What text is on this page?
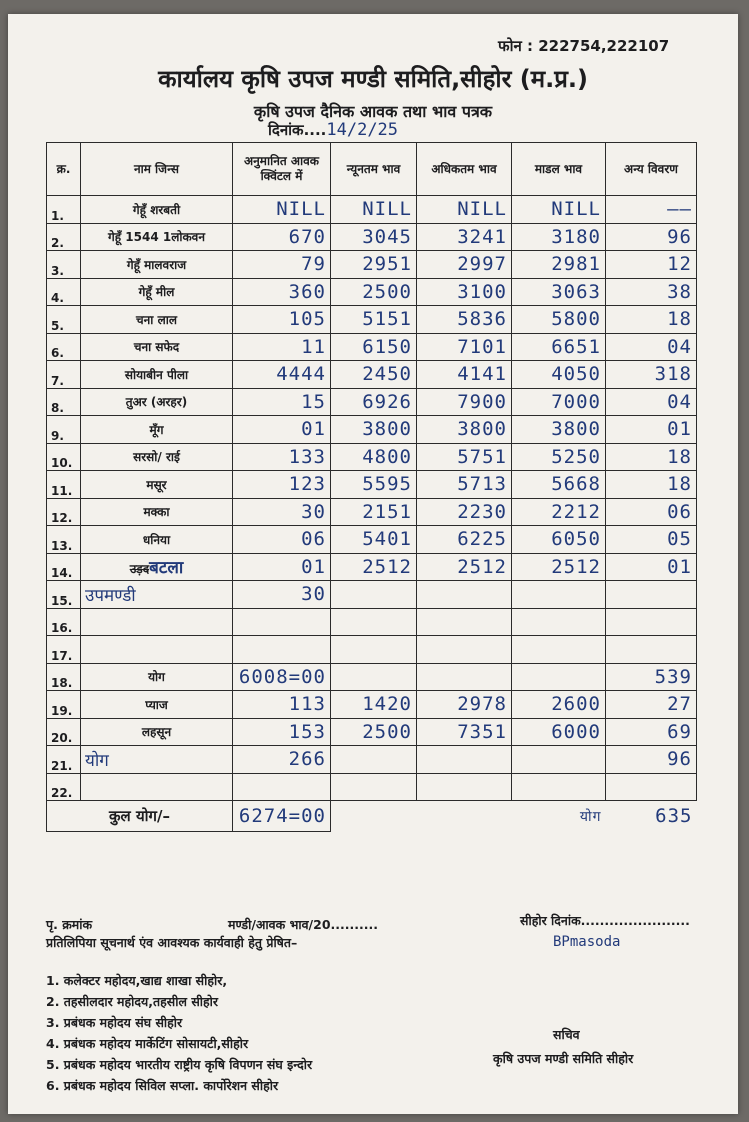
फोन : 222754,222107
कार्यालय कृषि उपज मण्डी समिति,सीहोर (म.प्र.)
कृषि उपज दैनिक आवक तथा भाव पत्रक
दिनांक....14/2/25
क्र.	नाम जिन्स	अनुमानित आवक क्विंटल में	न्यूनतम भाव	अधिकतम भाव	माडल भाव	अन्य विवरण
1.	गेहूँ शरबती	NILL	NILL	NILL	NILL	——
2.	गेहूँ 1544 1लोकवन	670	3045	3241	3180	96
3.	गेहूँ मालवराज	79	2951	2997	2981	12
4.	गेहूँ मील	360	2500	3100	3063	38
5.	चना लाल	105	5151	5836	5800	18
6.	चना सफेद	11	6150	7101	6651	04
7.	सोयाबीन पीला	4444	2450	4141	4050	318
8.	तुअर (अरहर)	15	6926	7900	7000	04
9.	मूँग	01	3800	3800	3800	01
10.	सरसो/ राई	133	4800	5751	5250	18
11.	मसूर	123	5595	5713	5668	18
12.	मक्का	30	2151	2230	2212	06
13.	धनिया	06	5401	6225	6050	05
14.	उड़दबटला	01	2512	2512	2512	01
15.	उपमण्डी	30				
16.						
17.						
18.	योग	6008=00				539
19.	प्याज	113	1420	2978	2600	27
20.	लहसून	153	2500	7351	6000	69
21.	योग	266				96
22.						
कुल योग/–		6274=00			योग	635
पृ. क्रमांक	मण्डी/आवक भाव/20..........	सीहोर दिनांक.......................
प्रतिलिपिया सूचनार्थ एंव आवश्यक कार्यवाही हेतु प्रेषित–	BPmasoda
1. कलेक्टर महोदय,खाद्य शाखा सीहोर,
2. तहसीलदार महोदय,तहसील सीहोर
3. प्रबंधक महोदय संघ सीहोर
4. प्रबंधक महोदय मार्केटिंग सोसायटी,सीहोर
5. प्रबंधक महोदय भारतीय राष्ट्रीय कृषि विपणन संघ इन्दोर
6. प्रबंधक महोदय सिविल सप्ला. कार्पोरेशन सीहोर
सचिव
कृषि उपज मण्डी समिति सीहोर
